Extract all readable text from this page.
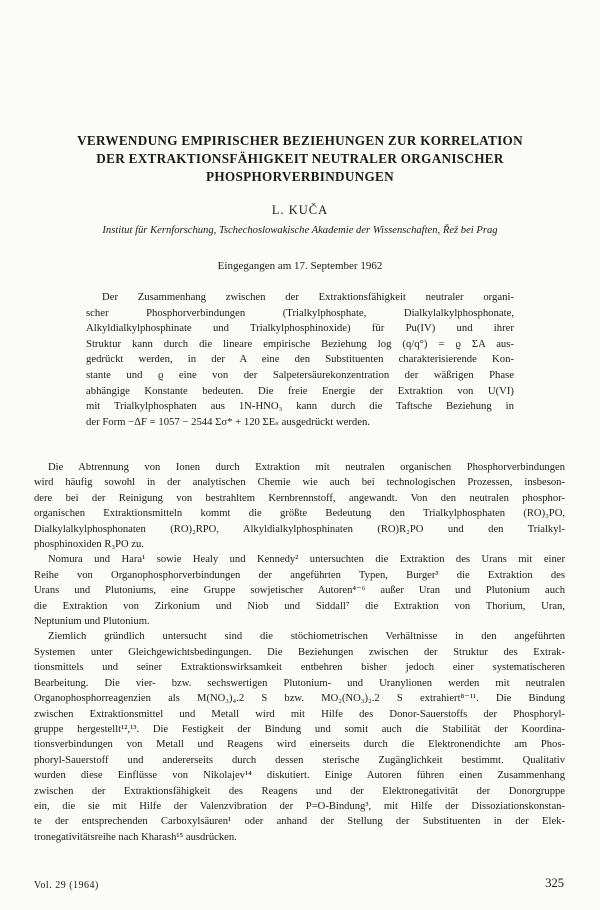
VERWENDUNG EMPIRISCHER BEZIEHUNGEN ZUR KORRELATION
DER EXTRAKTIONSFÄHIGKEIT NEUTRALER ORGANISCHER
PHOSPHORVERBINDUNGEN
L. KUČA
Institut für Kernforschung, Tschechoslowakische Akademie der Wissenschaften, Řež bei Prag
Eingegangen am 17. September 1962
Der Zusammenhang zwischen der Extraktionsfähigkeit neutraler organi-
scher Phosphorverbindungen (Trialkylphosphate, Dialkylalkylphosphonate,
Alkyldialkylphosphinate und Trialkylphosphinoxide) für Pu(IV) und ihrer
Struktur kann durch die lineare empirische Beziehung log (q/q°) = ϱ ΣA aus-
gedrückt werden, in der A eine den Substituenten charakterisierende Kon-
stante und ϱ eine von der Salpetersäurekonzentration der wäßrigen Phase
abhängige Konstante bedeuten. Die freie Energie der Extraktion von U(VI)
mit Trialkylphosphaten aus 1N-HNO₃ kann durch die Taftsche Beziehung in
der Form −ΔF = 1057 − 2544 Σσ* + 120 ΣEₛ ausgedrückt werden.
Die Abtrennung von Ionen durch Extraktion mit neutralen organischen Phosphorverbindungen
wird häufig sowohl in der analytischen Chemie wie auch bei technologischen Prozessen, insbeson-
dere bei der Reinigung von bestrahltem Kernbrennstoff, angewandt. Von den neutralen phosphor-
organischen Extraktionsmitteln kommt die größte Bedeutung den Trialkylphosphaten (RO)₃PO,
Dialkylalkylphosphonaten (RO)₂RPO, Alkyldialkylphosphinaten (RO)R₂PO und den Trialkyl-
phosphinoxiden R₃PO zu.
Nomura und Hara¹ sowie Healy und Kennedy² untersuchten die Extraktion des Urans mit einer
Reihe von Organophosphorverbindungen der angeführten Typen, Burger³ die Extraktion des
Urans und Plutoniums, eine Gruppe sowjetischer Autoren⁴⁻⁶ außer Uran und Plutonium auch
die Extraktion von Zirkonium und Niob und Siddall⁷ die Extraktion von Thorium, Uran,
Neptunium und Plutonium.
Ziemlich gründlich untersucht sind die stöchiometrischen Verhältnisse in den angeführten
Systemen unter Gleichgewichtsbedingungen. Die Beziehungen zwischen der Struktur des Extrak-
tionsmittels und seiner Extraktionswirksamkeit entbehren bisher jedoch einer systematischeren
Bearbeitung. Die vier- bzw. sechswertigen Plutonium- und Uranylionen werden mit neutralen
Organophosphorreagenzien als M(NO₃)₄.2 S bzw. MO₂(NO₃)₂.2 S extrahiert⁸⁻¹¹. Die Bindung
zwischen Extraktionsmittel und Metall wird mit Hilfe des Donor-Sauerstoffs der Phosphoryl-
gruppe hergestellt¹²,¹³. Die Festigkeit der Bindung und somit auch die Stabilität der Koordina-
tionsverbindungen von Metall und Reagens wird einerseits durch die Elektronendichte am Phos-
phoryl-Sauerstoff und andererseits durch dessen sterische Zugänglichkeit bestimmt. Qualitativ
wurden diese Einflüsse von Nikolajev¹⁴ diskutiert. Einige Autoren führen einen Zusammenhang
zwischen der Extraktionsfähigkeit des Reagens und der Elektronegativität der Donorgruppe
ein, die sie mit Hilfe der Valenzvibration der P=O-Bindung³, mit Hilfe der Dissoziationskonstan-
te der entsprechenden Carboxylsäuren¹ oder anhand der Stellung der Substituenten in der Elek-
tronegativitätsreihe nach Kharash¹⁵ ausdrücken.
Vol. 29 (1964)	325
